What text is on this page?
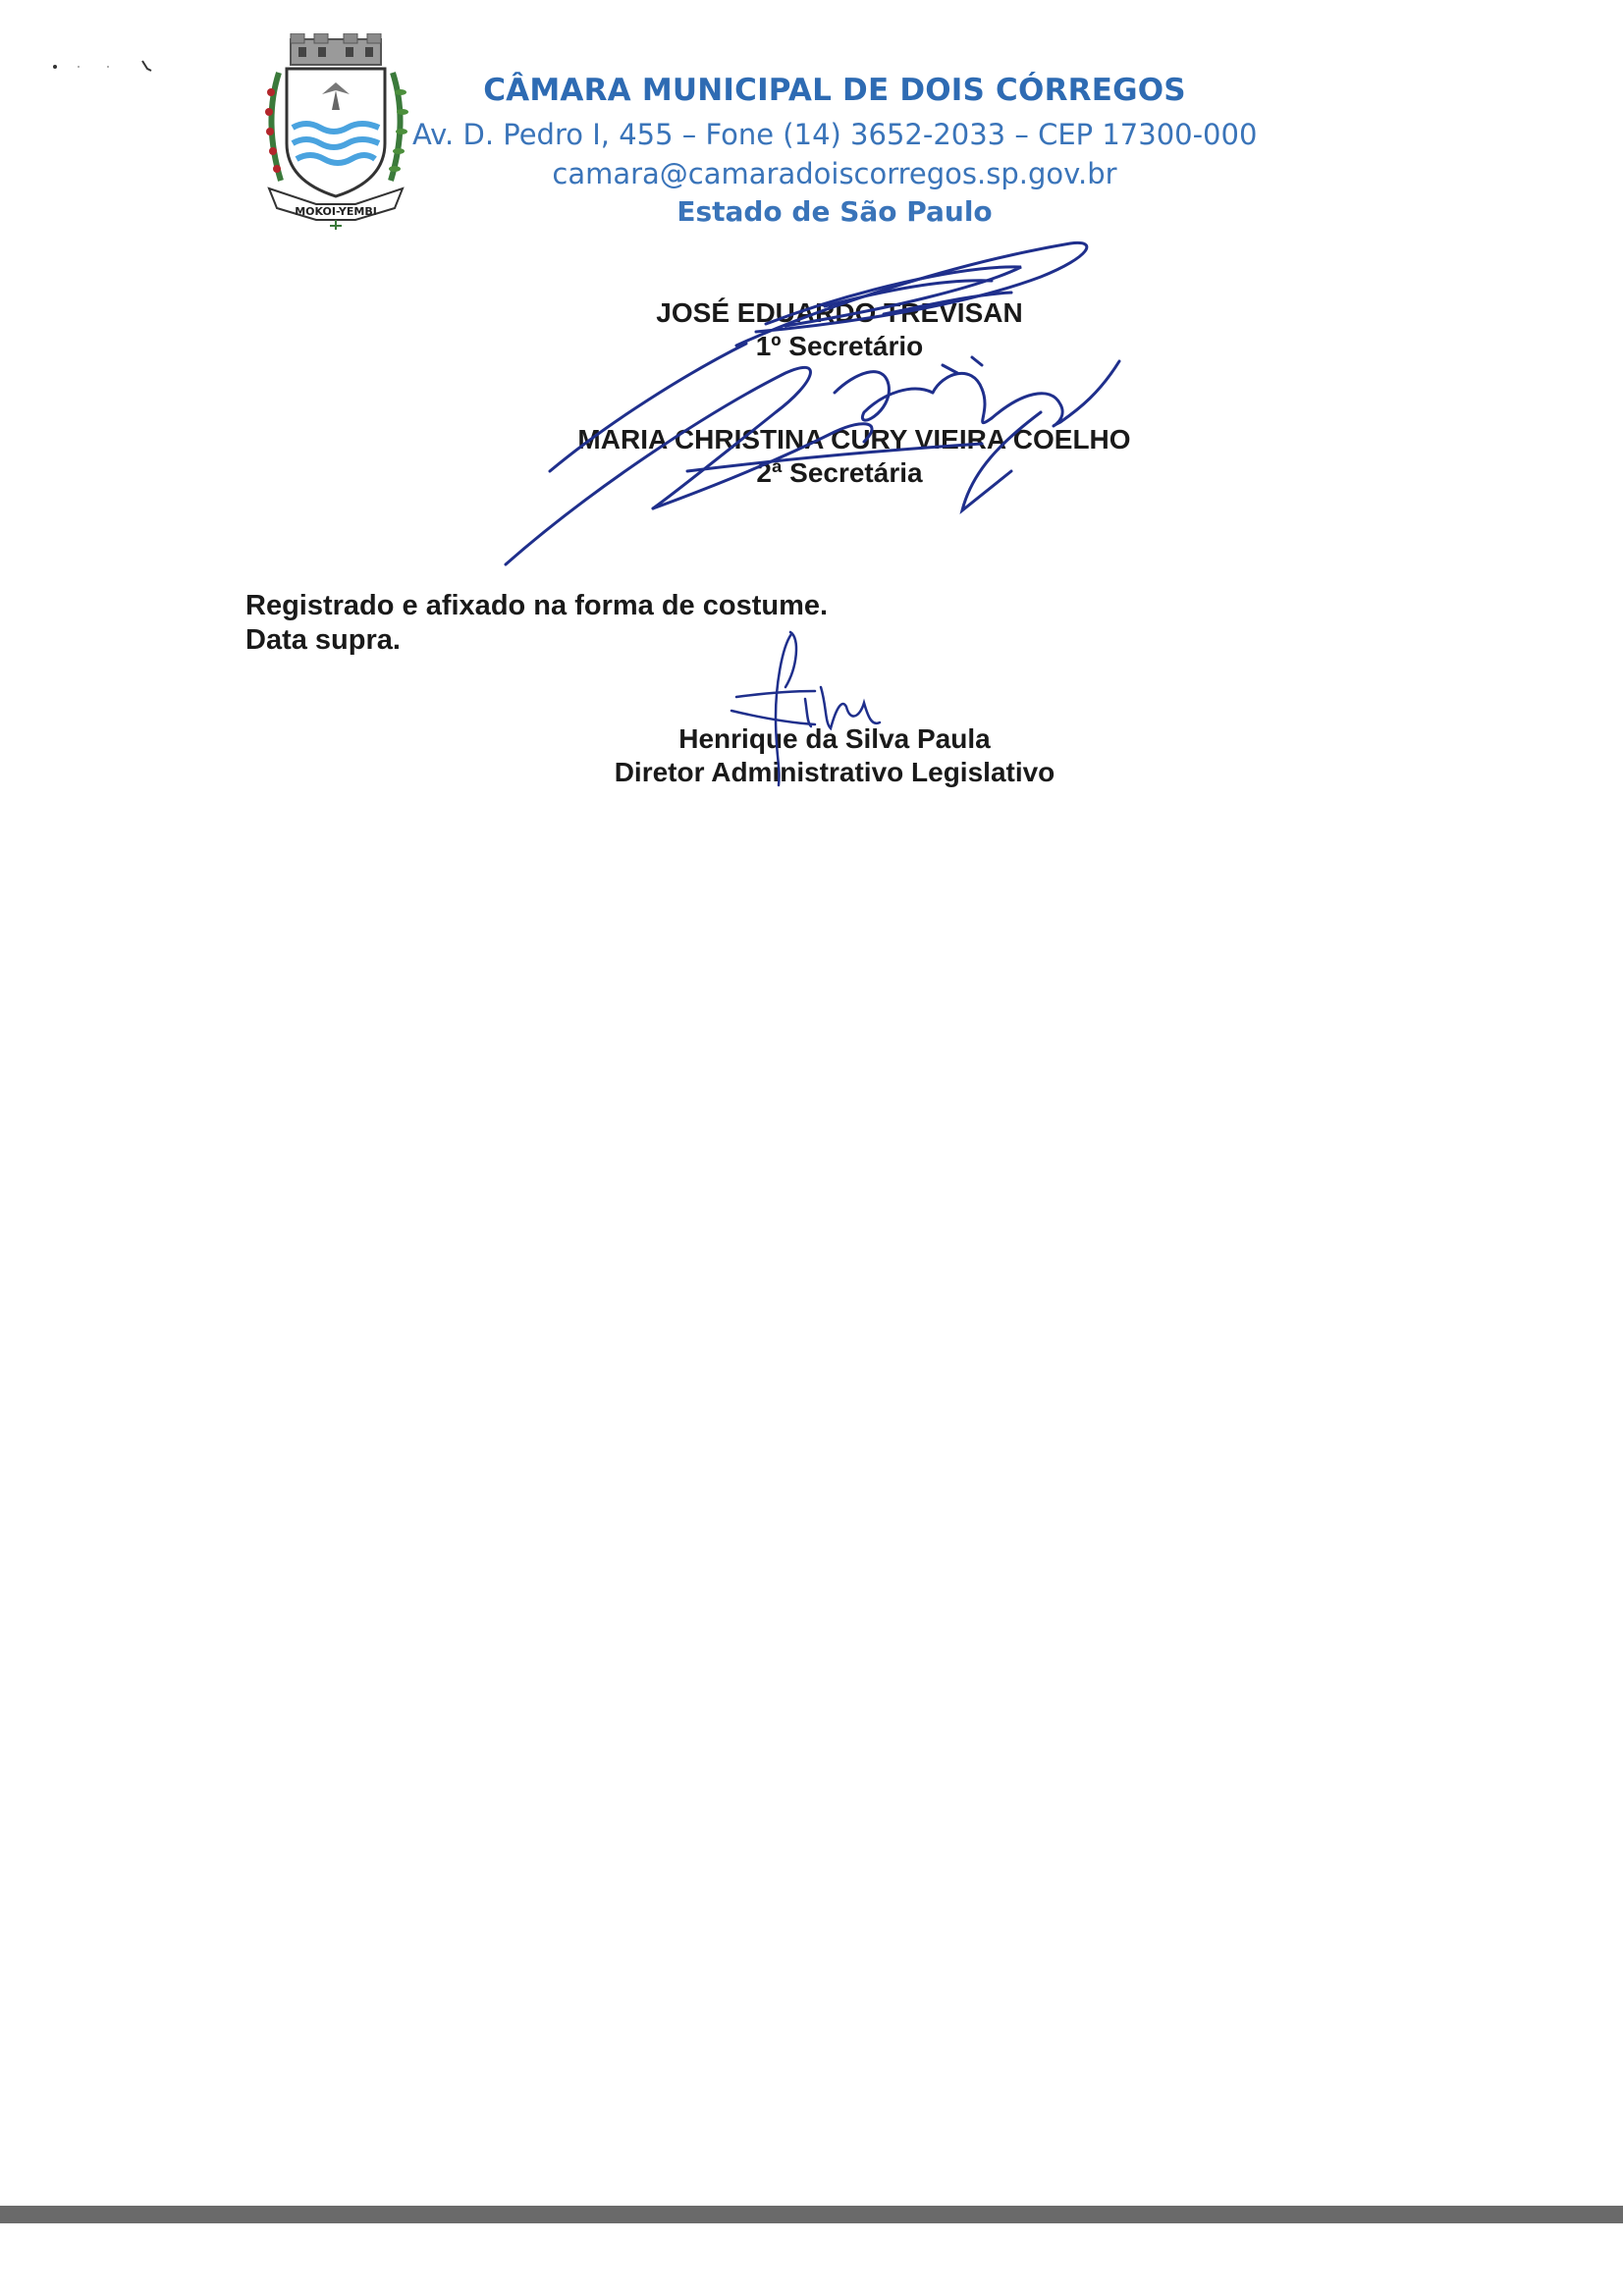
MOKOI-YEMBI
CÂMARA MUNICIPAL DE DOIS CÓRREGOS
Av. D. Pedro I, 455 – Fone (14) 3652-2033 – CEP 17300-000
camara@camaradoiscorregos.sp.gov.br
Estado de São Paulo
JOSÉ EDUARDO TREVISAN
1º Secretário
MARIA CHRISTINA CURY VIEIRA COELHO
2ª Secretária
Registrado e afixado na forma de costume.
Data supra.
Henrique da Silva Paula
Diretor Administrativo Legislativo
